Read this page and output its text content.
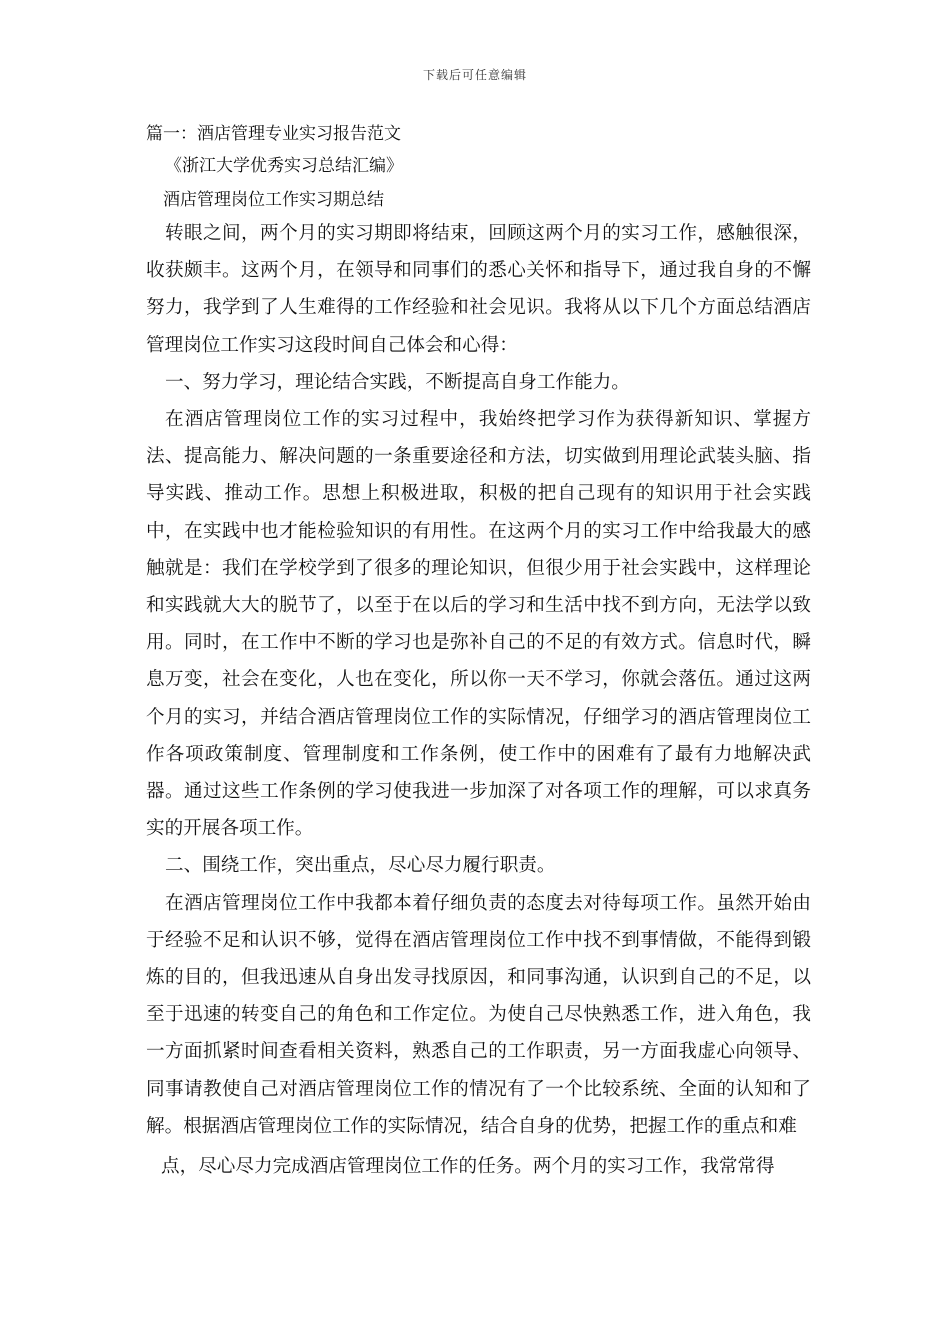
下载后可任意编辑

篇一：酒店管理专业实习报告范文

《浙江大学优秀实习总结汇编》

酒店管理岗位工作实习期总结

转眼之间，两个月的实习期即将结束，回顾这两个月的实习工作，感触很深，收获颇丰。这两个月，在领导和同事们的悉心关怀和指导下，通过我自身的不懈努力，我学到了人生难得的工作经验和社会见识。我将从以下几个方面总结酒店管理岗位工作实习这段时间自己体会和心得：

一、努力学习，理论结合实践，不断提高自身工作能力。

在酒店管理岗位工作的实习过程中，我始终把学习作为获得新知识、掌握方法、提高能力、解决问题的一条重要途径和方法，切实做到用理论武装头脑、指导实践、推动工作。思想上积极进取，积极的把自己现有的知识用于社会实践中，在实践中也才能检验知识的有用性。在这两个月的实习工作中给我最大的感触就是：我们在学校学到了很多的理论知识，但很少用于社会实践中，这样理论和实践就大大的脱节了，以至于在以后的学习和生活中找不到方向，无法学以致用。同时，在工作中不断的学习也是弥补自己的不足的有效方式。信息时代，瞬息万变，社会在变化，人也在变化，所以你一天不学习，你就会落伍。通过这两个月的实习，并结合酒店管理岗位工作的实际情况，仔细学习的酒店管理岗位工作各项政策制度、管理制度和工作条例，使工作中的困难有了最有力地解决武器。通过这些工作条例的学习使我进一步加深了对各项工作的理解，可以求真务实的开展各项工作。

二、围绕工作，突出重点，尽心尽力履行职责。

在酒店管理岗位工作中我都本着仔细负责的态度去对待每项工作。虽然开始由于经验不足和认识不够，觉得在酒店管理岗位工作中找不到事情做，不能得到锻炼的目的，但我迅速从自身出发寻找原因，和同事沟通，认识到自己的不足，以至于迅速的转变自己的角色和工作定位。为使自己尽快熟悉工作，进入角色，我一方面抓紧时间查看相关资料，熟悉自己的工作职责，另一方面我虚心向领导、同事请教使自己对酒店管理岗位工作的情况有了一个比较系统、全面的认知和了解。根据酒店管理岗位工作的实际情况，结合自身的优势，把握工作的重点和难

点，尽心尽力完成酒店管理岗位工作的任务。两个月的实习工作，我常常得
